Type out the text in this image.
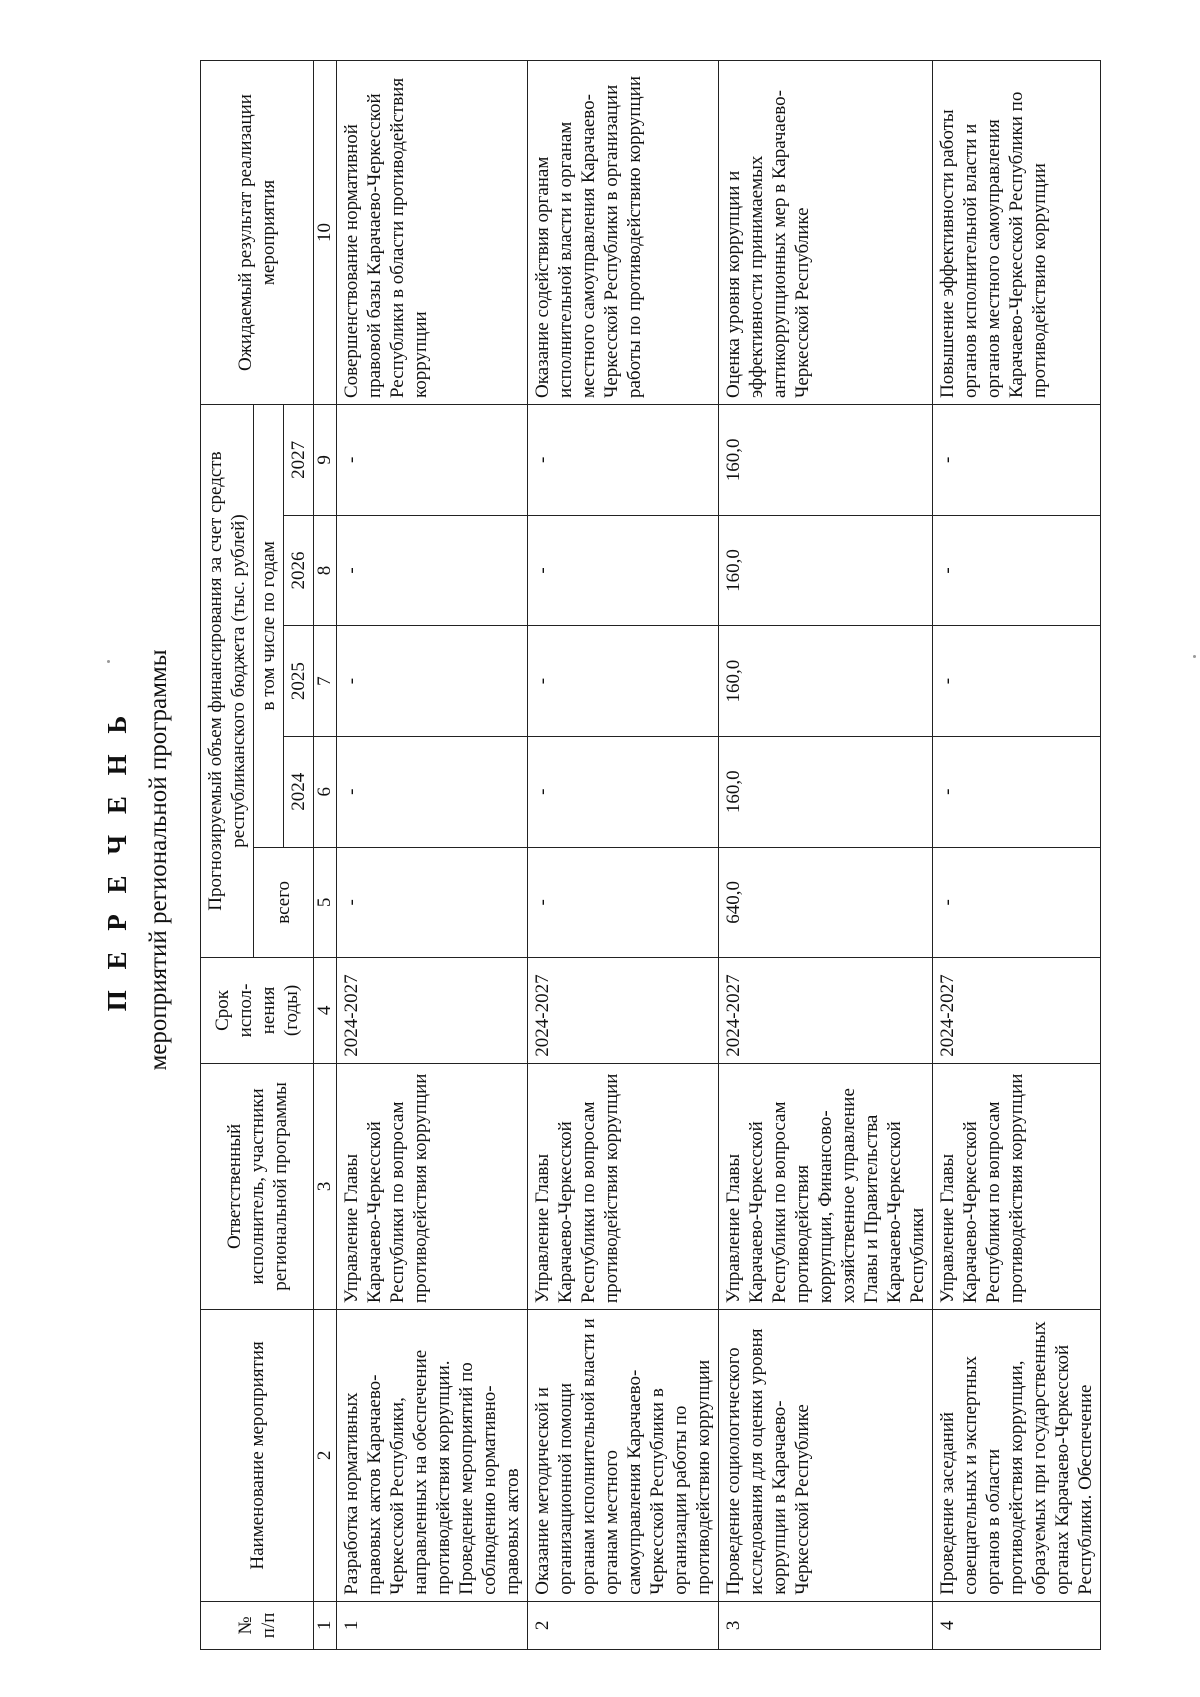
П Е Р Е Ч Е Н Ь мероприятий региональной программы
№ п/п	Наименование мероприятия	Ответственный исполнитель, участники региональной программы	Срок испол-нения (годы)	Прогнозируемый объем финансирования за счет средств республиканского бюджета (тыс. рублей)					Ожидаемый результат реализации мероприятия
				всего	в том числе по годам				
					2024	2025	2026	2027	
1	2	3	4	5	6	7	8	9	10
1	Разработка нормативных правовых актов Карачаево-Черкесской Республики, направленных на обеспечение противодействия коррупции. Проведение мероприятий по соблюдению нормативно-правовых актов	Управление Главы Карачаево-Черкесской Республики по вопросам противодействия коррупции	2024-2027	-	-	-	-	-	Совершенствование нормативной правовой базы Карачаево-Черкесской Республики в области противодействия коррупции
2	Оказание методической и организационной помощи органам исполнительной власти и органам местного самоуправления Карачаево-Черкесской Республики в организации работы по противодействию коррупции	Управление Главы Карачаево-Черкесской Республики по вопросам противодействия коррупции	2024-2027	-	-	-	-	-	Оказание содействия органам исполнительной власти и органам местного самоуправления Карачаево-Черкесской Республики в организации работы по противодействию коррупции
3	Проведение социологического исследования для оценки уровня коррупции в Карачаево-Черкесской Республике	Управление Главы Карачаево-Черкесской Республики по вопросам противодействия коррупции, Финансово-хозяйственное управление Главы и Правительства Карачаево-Черкесской Республики	2024-2027	640,0	160,0	160,0	160,0	160,0	Оценка уровня коррупции и эффективности принимаемых антикоррупционных мер в Карачаево-Черкесской Республике
4	Проведение заседаний совещательных и экспертных органов в области противодействия коррупции, образуемых при государственных органах Карачаево-Черкесской Республики. Обеспечение	Управление Главы Карачаево-Черкесской Республики по вопросам противодействия коррупции	2024-2027	-	-	-	-	-	Повышение эффективности работы органов исполнительной власти и органов местного самоуправления Карачаево-Черкесской Республики по противодействию коррупции
